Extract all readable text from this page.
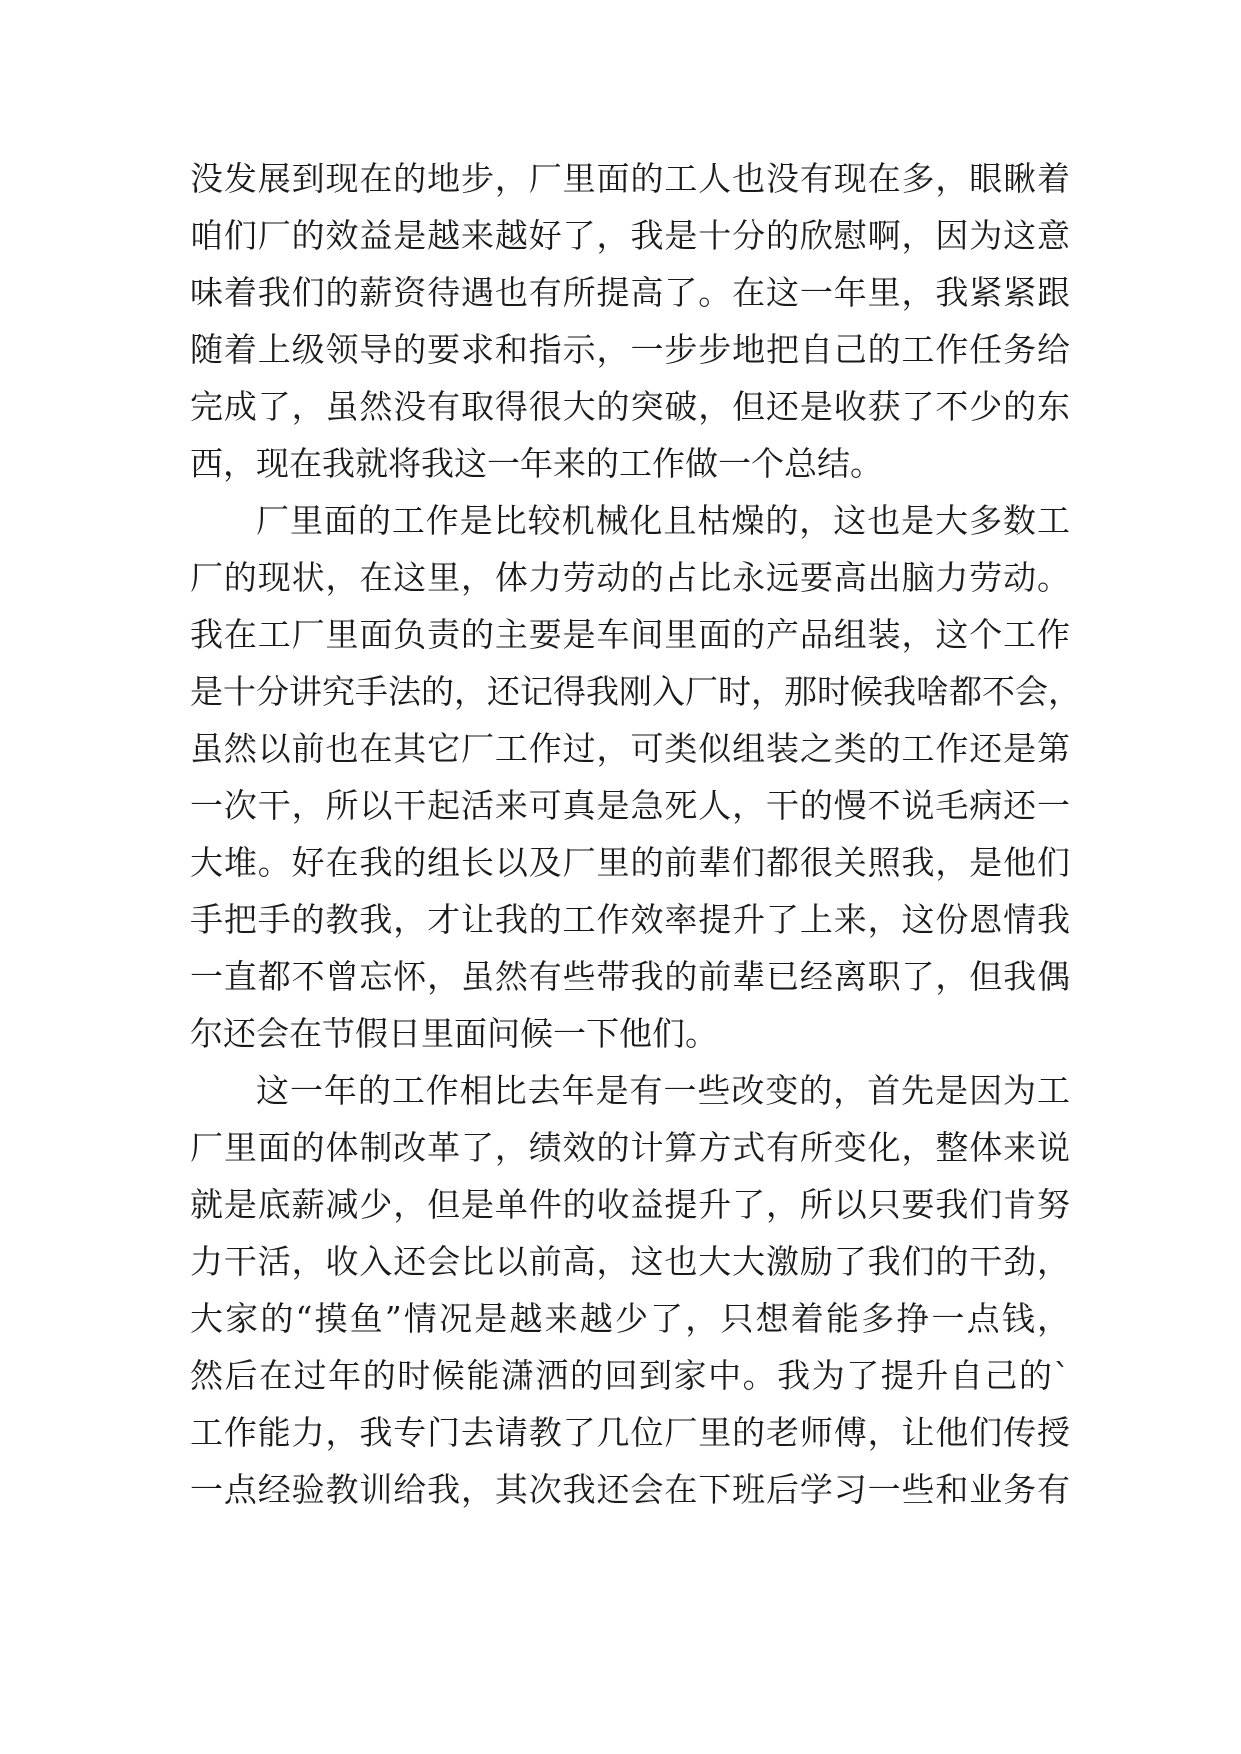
没发展到现在的地步，厂里面的工人也没有现在多，眼瞅着
咱们厂的效益是越来越好了，我是十分的欣慰啊，因为这意
味着我们的薪资待遇也有所提高了。在这一年里，我紧紧跟
随着上级领导的要求和指示，一步步地把自己的工作任务给
完成了，虽然没有取得很大的突破，但还是收获了不少的东
西，现在我就将我这一年来的工作做一个总结。
厂里面的工作是比较机械化且枯燥的，这也是大多数工
厂的现状，在这里，体力劳动的占比永远要高出脑力劳动。
我在工厂里面负责的主要是车间里面的产品组装，这个工作
是十分讲究手法的，还记得我刚入厂时，那时候我啥都不会，
虽然以前也在其它厂工作过，可类似组装之类的工作还是第
一次干，所以干起活来可真是急死人，干的慢不说毛病还一
大堆。好在我的组长以及厂里的前辈们都很关照我，是他们
手把手的教我，才让我的工作效率提升了上来，这份恩情我
一直都不曾忘怀，虽然有些带我的前辈已经离职了，但我偶
尔还会在节假日里面问候一下他们。
这一年的工作相比去年是有一些改变的，首先是因为工
厂里面的体制改革了，绩效的计算方式有所变化，整体来说
就是底薪减少，但是单件的收益提升了，所以只要我们肯努
力干活，收入还会比以前高，这也大大激励了我们的干劲，
大家的“摸鱼”情况是越来越少了，只想着能多挣一点钱，
然后在过年的时候能潇洒的回到家中。我为了提升自己的`
工作能力，我专门去请教了几位厂里的老师傅，让他们传授
一点经验教训给我，其次我还会在下班后学习一些和业务有
